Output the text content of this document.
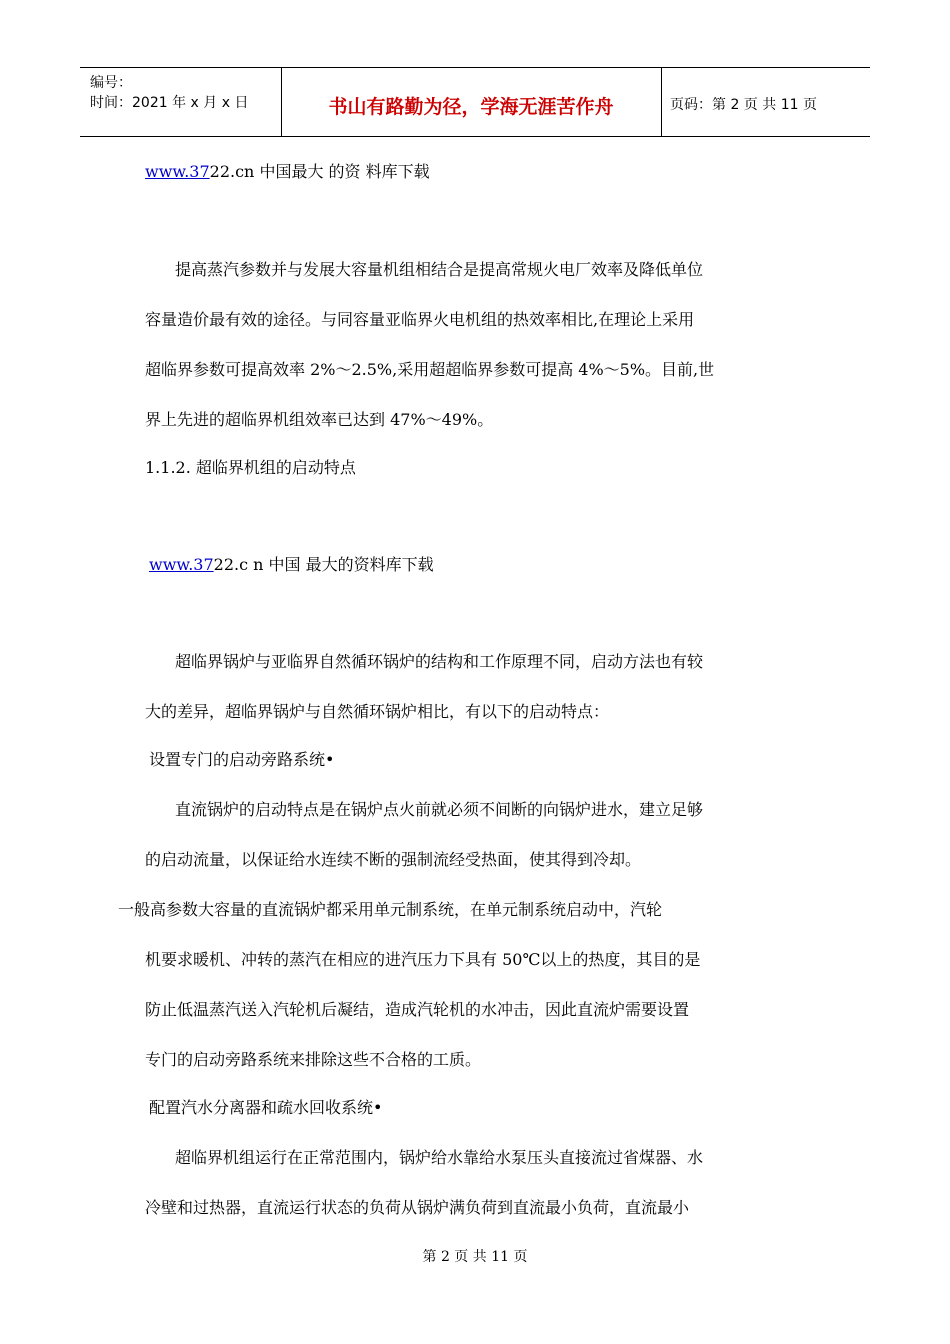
编号：
时间：2021 年 x 月 x 日	书山有路勤为径，学海无涯苦作舟	页码：第 2 页 共 11 页
www.3722.cn 中国最大 的资 料库下载
提高蒸汽参数并与发展大容量机组相结合是提高常规火电厂效率及降低单位
容量造价最有效的途径。与同容量亚临界火电机组的热效率相比,在理论上采用
超临界参数可提高效率 2%～2.5%,采用超超临界参数可提高 4%～5%。目前,世
界上先进的超临界机组效率已达到 47%～49%。
1.1.2. 超临界机组的启动特点
www.3722.c n 中国 最大的资料库下载
超临界锅炉与亚临界自然循环锅炉的结构和工作原理不同，启动方法也有较
大的差异，超临界锅炉与自然循环锅炉相比，有以下的启动特点：
设置专门的启动旁路系统•
直流锅炉的启动特点是在锅炉点火前就必须不间断的向锅炉进水，建立足够
的启动流量，以保证给水连续不断的强制流经受热面，使其得到冷却。
一般高参数大容量的直流锅炉都采用单元制系统，在单元制系统启动中，汽轮
机要求暖机、冲转的蒸汽在相应的进汽压力下具有 50℃以上的热度，其目的是
防止低温蒸汽送入汽轮机后凝结，造成汽轮机的水冲击，因此直流炉需要设置
专门的启动旁路系统来排除这些不合格的工质。
配置汽水分离器和疏水回收系统•
超临界机组运行在正常范围内，锅炉给水靠给水泵压头直接流过省煤器、水
冷壁和过热器，直流运行状态的负荷从锅炉满负荷到直流最小负荷，直流最小
第 2 页 共 11 页
